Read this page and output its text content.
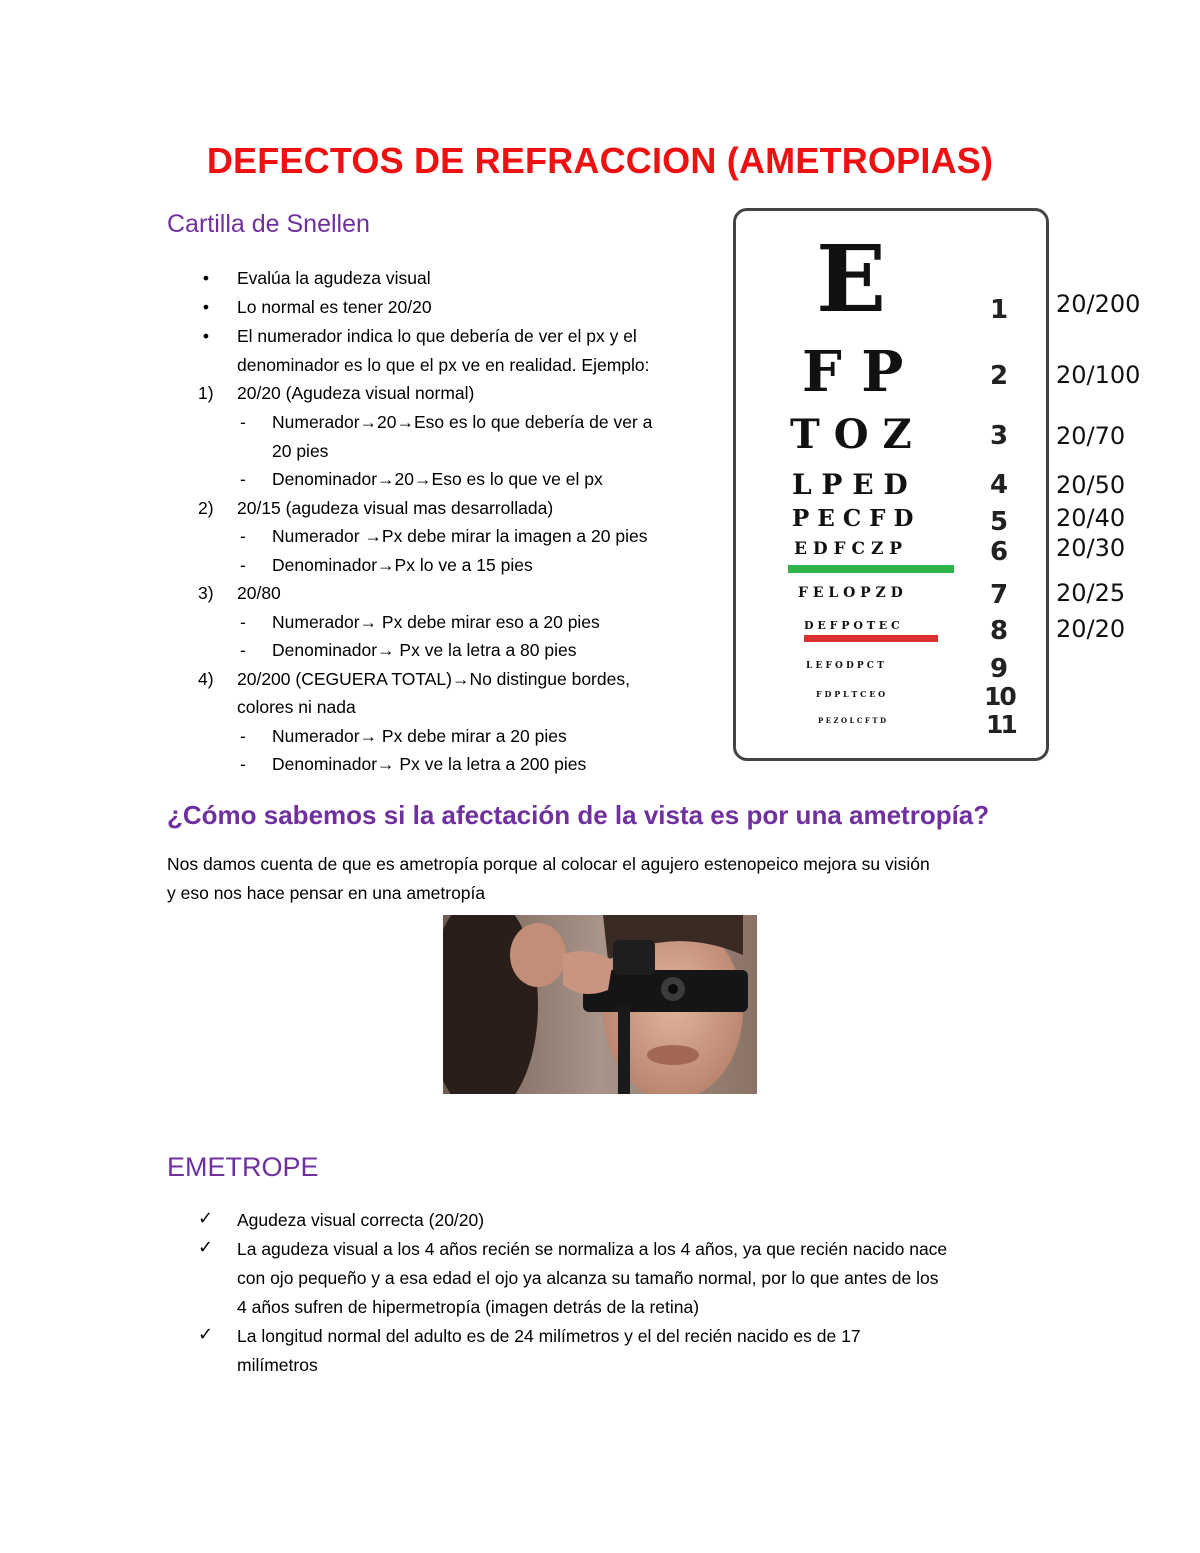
DEFECTOS DE REFRACCION (AMETROPIAS)
Cartilla de Snellen
• Evalúa la agudeza visual
• Lo normal es tener 20/20
• El numerador indica lo que debería de ver el px y el
denominador es lo que el px ve en realidad. Ejemplo:
1) 20/20 (Agudeza visual normal)
- Numerador→20→Eso es lo que debería de ver a
20 pies
- Denominador→20→Eso es lo que ve el px
2) 20/15 (agudeza visual mas desarrollada)
- Numerador →Px debe mirar la imagen a 20 pies
- Denominador→Px lo ve a 15 pies
3) 20/80
- Numerador→ Px debe mirar eso a 20 pies
- Denominador→ Px ve la letra a 80 pies
4) 20/200 (CEGUERA TOTAL)→No distingue bordes,
colores ni nada
- Numerador→ Px debe mirar a 20 pies
- Denominador→ Px ve la letra a 200 pies
E
F P
T O Z
L P E D
P E C F D
E D F C Z P
F E L O P Z D
D E F P O T E C
L E F O D P C T
F D P L T C E O
P E Z O L C F T D
1
2
3
4
5
6
7
8
9
10
11
20/200
20/100
20/70
20/50
20/40
20/30
20/25
20/20
¿Cómo sabemos si la afectación de la vista es por una ametropía?
Nos damos cuenta de que es ametropía porque al colocar el agujero estenopeico mejora su visión
y eso nos hace pensar en una ametropía
EMETROPE
✓ Agudeza visual correcta (20/20)
✓ La agudeza visual a los 4 años recién se normaliza a los 4 años, ya que recién nacido nace
con ojo pequeño y a esa edad el ojo ya alcanza su tamaño normal, por lo que antes de los
4 años sufren de hipermetropía (imagen detrás de la retina)
✓ La longitud normal del adulto es de 24 milímetros y el del recién nacido es de 17
milímetros
